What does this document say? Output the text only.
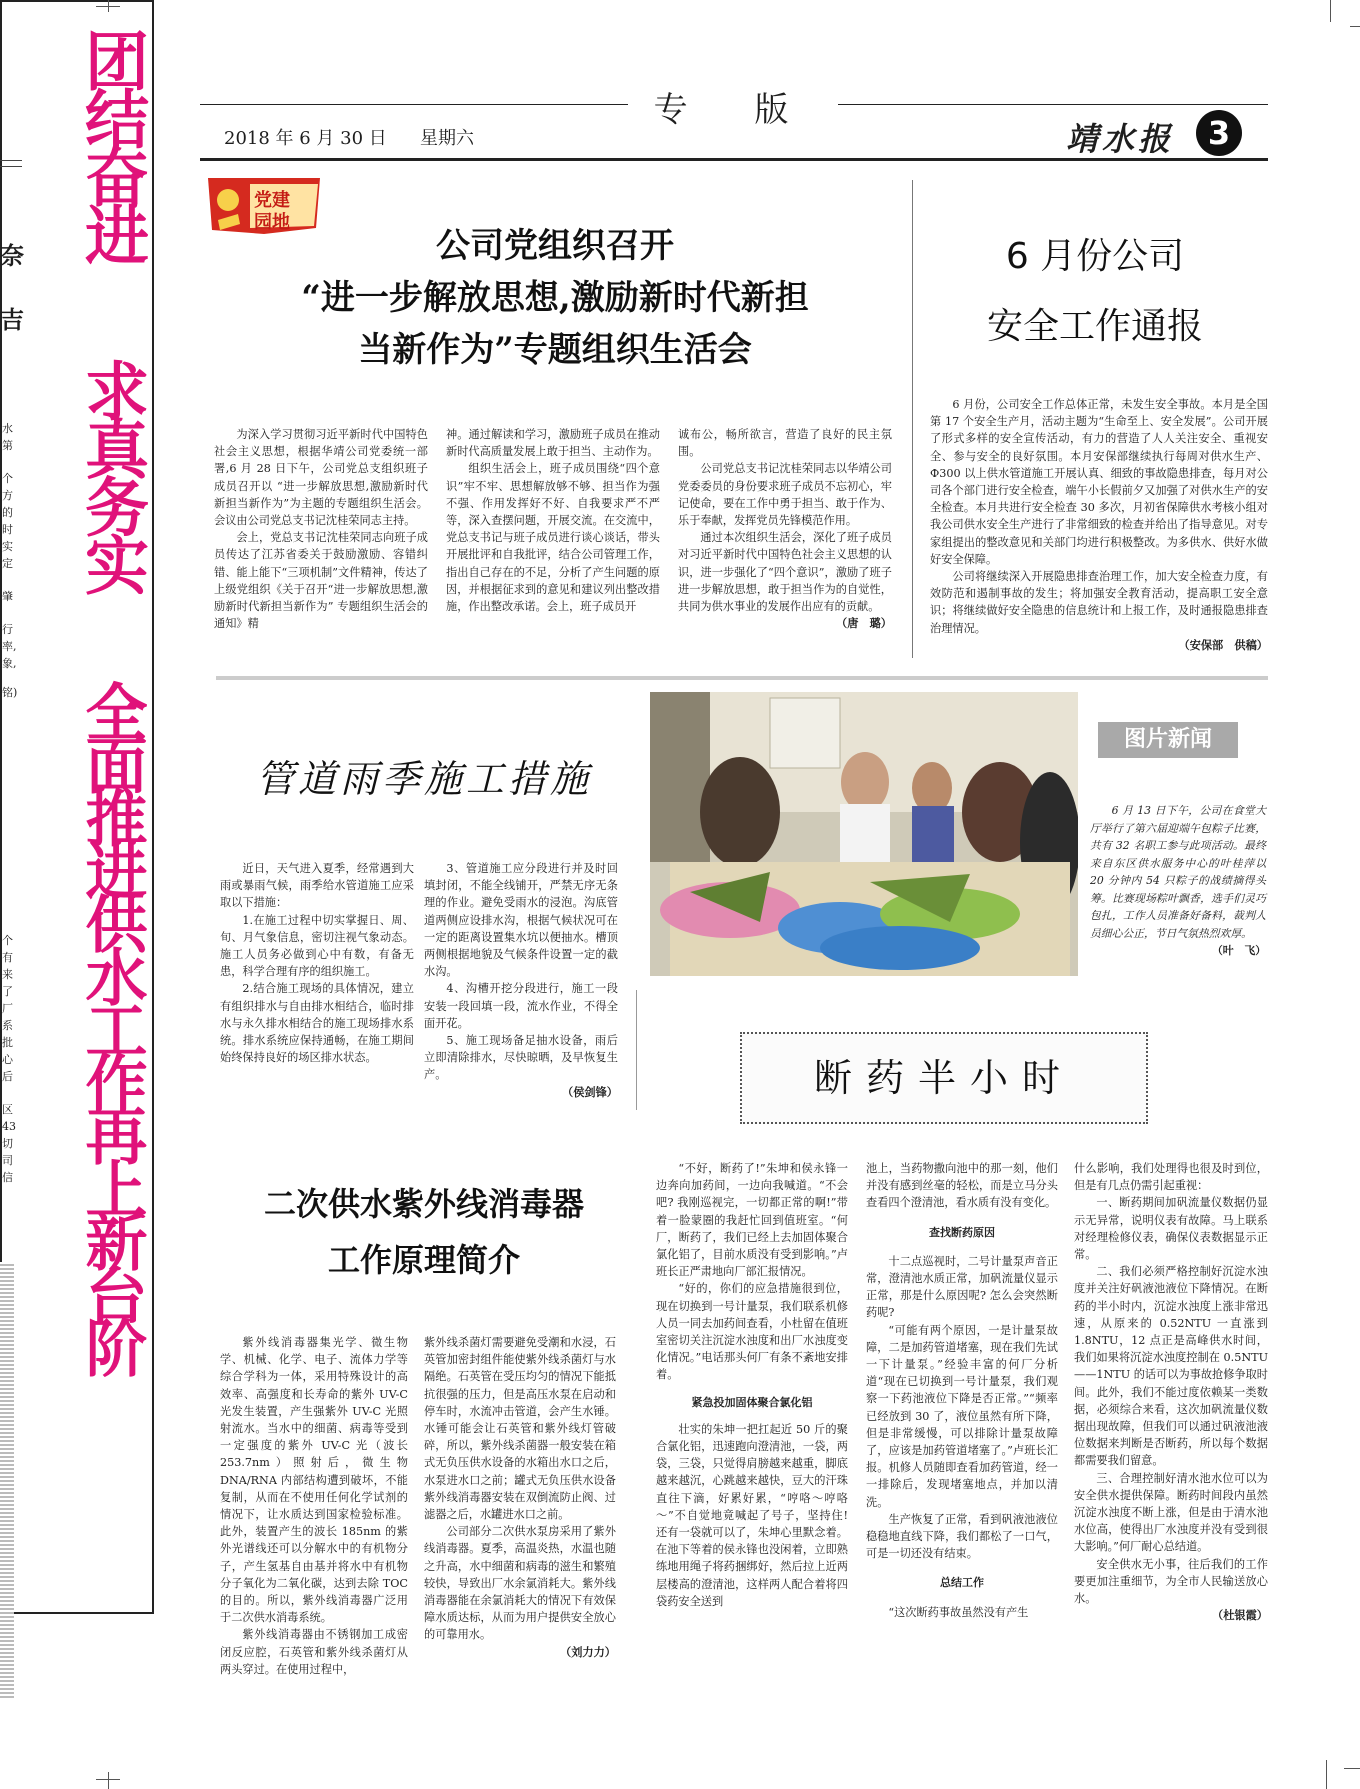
奈
吉
水
第
个
方
的
时
实
定
肇
行
率,
象,
铭)
个
有
来
了
厂
系
批
心
后
区
43
切
司
信
团结奋进
求真务实
全面推进供水工作再上新台阶
专 版
2018 年 6 月 30 日 星期六	靖水报	3
党建
园地
公司党组织召开
“进一步解放思想,激励新时代新担
当新作为”专题组织生活会

为深入学习贯彻习近平新时代中国特色社会主义思想，根据华靖公司党委统一部署,6 月 28 日下午，公司党总支组织班子成员召开以 “进一步解放思想,激励新时代新担当新作为”为主题的专题组织生活会。会议由公司党总支书记沈桂荣同志主持。

会上，党总支书记沈桂荣同志向班子成员传达了江苏省委关于鼓励激励、容错纠错、能上能下“三项机制”文件精神，传达了上级党组织《关于召开“进一步解放思想,激励新时代新担当新作为” 专题组织生活会的通知》精

神。通过解读和学习，激励班子成员在推动新时代高质量发展上敢于担当、主动作为。

组织生活会上，班子成员围绕“四个意识”牢不牢、思想解放够不够、担当作为强不强、作用发挥好不好、自我要求严不严等，深入查摆问题，开展交流。在交流中，党总支书记与班子成员进行谈心谈话，带头开展批评和自我批评，结合公司管理工作，指出自己存在的不足，分析了产生问题的原因，并根据征求到的意见和建议列出整改措施，作出整改承诺。会上，班子成员开

诚布公，畅所欲言，营造了良好的民主氛围。

公司党总支书记沈桂荣同志以华靖公司党委委员的身份要求班子成员不忘初心，牢记使命，要在工作中勇于担当、敢于作为、乐于奉献，发挥党员先锋模范作用。

通过本次组织生活会，深化了班子成员对习近平新时代中国特色社会主义思想的认识，进一步强化了“四个意识”，激励了班子进一步解放思想，敢于担当作为的自觉性，共同为供水事业的发展作出应有的贡献。

（唐　璐）
6 月份公司
安全工作通报

6 月份，公司安全工作总体正常，未发生安全事故。本月是全国第 17 个安全生产月，活动主题为“生命至上、安全发展”。公司开展了形式多样的安全宣传活动，有力的营造了人人关注安全、重视安全、参与安全的良好氛围。本月安保部继续执行每周对供水生产、Ф300 以上供水管道施工开展认真、细致的事故隐患排查，每月对公司各个部门进行安全检查，端午小长假前夕又加强了对供水生产的安全检查。本月共进行安全检查 30 多次，月初省保障供水考核小组对我公司供水安全生产进行了非常细致的检查并给出了指导意见。对专家组提出的整改意见和关部门均进行积极整改。为多供水、供好水做好安全保障。

公司将继续深入开展隐患排查治理工作，加大安全检查力度，有效防范和遏制事故的发生；将加强安全教育活动，提高职工安全意识；将继续做好安全隐患的信息统计和上报工作，及时通报隐患排查治理情况。

（安保部　供稿）
管道雨季施工措施

近日，天气进入夏季，经常遇到大雨或暴雨气候，雨季给水管道施工应采取以下措施：

1.在施工过程中切实掌握日、周、旬、月气象信息，密切注视气象动态。施工人员务必做到心中有数，有备无患，科学合理有序的组织施工。

2.结合施工现场的具体情况，建立有组织排水与自由排水相结合，临时排水与永久排水相结合的施工现场排水系统。排水系统应保持通畅，在施工期间始终保持良好的场区排水状态。

3、管道施工应分段进行并及时回填封闭，不能全线铺开，严禁无序无条理的作业。避免受雨水的浸泡。沟底管道两侧应设排水沟，根据气候状况可在一定的距离设置集水坑以便抽水。槽顶两侧根据地貌及气候条件设置一定的截水沟。

4、沟槽开挖分段进行，施工一段安装一段回填一段，流水作业，不得全面开花。

5、施工现场备足抽水设备，雨后立即清除排水，尽快晾晒，及早恢复生产。

（侯剑锋）
图片新闻

6 月 13 日下午，公司在食堂大厅举行了第六届迎端午包粽子比赛，共有 32 名职工参与此项活动。最终来自东区供水服务中心的叶桂萍以 20 分钟内 54 只粽子的战绩摘得头筹。比赛现场粽叶飘香，选手们灵巧包扎，工作人员准备好备料，裁判人员细心公正，节日气氛热烈欢厚。

（叶　飞）
断药半小时
二次供水紫外线消毒器
工作原理简介

紫外线消毒器集光学、微生物学、机械、化学、电子、流体力学等综合学科为一体，采用特殊设计的高效率、高强度和长寿命的紫外 UV-C 光发生装置，产生强紫外 UV-C 光照射流水。当水中的细菌、病毒等受到一定强度的紫外 UV-C 光（波长 253.7nm）照射后，微生物 DNA/RNA 内部结构遭到破坏，不能复制，从而在不使用任何化学试剂的情况下，让水质达到国家检验标准。此外，装置产生的波长 185nm 的紫外光谱线还可以分解水中的有机物分子，产生氢基自由基并将水中有机物分子氧化为二氧化碳，达到去除 TOC 的目的。所以，紫外线消毒器广泛用于二次供水消毒系统。

紫外线消毒器由不锈钢加工成密闭反应腔，石英管和紫外线杀菌灯从两头穿过。在使用过程中，

紫外线杀菌灯需要避免受潮和水浸，石英管加密封组件能使紫外线杀菌灯与水隔绝。石英管在受压均匀的情况下能抵抗很强的压力，但是高压水泵在启动和停车时，水流冲击管道，会产生水锤。水锤可能会让石英管和紫外线灯管破碎，所以，紫外线杀菌器一般安装在箱式无负压供水设备的水箱出水口之后，水泵进水口之前；罐式无负压供水设备紫外线消毒器安装在双倒流防止阀、过滤器之后，水罐进水口之前。

公司部分二次供水泵房采用了紫外线消毒器。夏季，高温炎热，水温也随之升高，水中细菌和病毒的滋生和繁殖较快，导致出厂水余氯消耗大。紫外线消毒器能在余氯消耗大的情况下有效保障水质达标，从而为用户提供安全放心的可靠用水。

（刘力力）

“不好，断药了!”朱坤和侯永锋一边奔向加药间，一边向我喊道。“不会吧? 我刚巡视完，一切都正常的啊!”带着一脸蒙圈的我赶忙回到值班室。“何厂，断药了，我们已经上去加固体聚合氯化铝了，目前水质没有受到影响。”卢班长正严肃地向厂部汇报情况。

“好的，你们的应急措施很到位，现在切换到一号计量泵，我们联系机修人员一同去加药间查看，小杜留在值班室密切关注沉淀水浊度和出厂水浊度变化情况。”电话那头何厂有条不紊地安排着。

紧急投加固体聚合氯化铝

壮实的朱坤一把扛起近 50 斤的聚合氯化铝，迅速跑向澄清池，一袋，两袋，三袋，只觉得肩膀越来越重，脚底越来越沉，心跳越来越快，豆大的汗珠直往下滴，好累好累，“哼咯～哼咯～”不自觉地竟喊起了号子，坚持住! 还有一袋就可以了，朱坤心里默念着。在池下等着的侯永锋也没闲着，立即熟练地用绳子将药捆绑好，然后拉上近两层楼高的澄清池，这样两人配合着将四袋药安全送到

池上，当药物撒向池中的那一刻，他们并没有感到丝毫的轻松，而是立马分头查看四个澄清池，看水质有没有变化。

查找断药原因

十二点巡视时，二号计量泵声音正常，澄清池水质正常，加矾流量仪显示正常，那是什么原因呢? 怎么会突然断药呢?

“可能有两个原因，一是计量泵故障，二是加药管道堵塞，现在我们先试一下计量泵。”经验丰富的何厂分析道“现在已切换到一号计量泵，我们观察一下药池液位下降是否正常。”“频率已经放到 30 了，液位虽然有所下降，但是非常缓慢，可以排除计量泵故障了，应该是加药管道堵塞了。”卢班长汇报。机修人员随即查看加药管道，经一一排除后，发现堵塞地点，并加以清洗。

生产恢复了正常，看到矾液池液位稳稳地直线下降，我们都松了一口气，可是一切还没有结束。

总结工作

“这次断药事故虽然没有产生

什么影响，我们处理得也很及时到位，但是有几点仍需引起重视：

一、断药期间加矾流量仪数据仍显示无异常，说明仪表有故障。马上联系对经理检修仪表，确保仪表数据显示正常。

二、我们必须严格控制好沉淀水浊度并关注好矾液池液位下降情况。在断药的半小时内，沉淀水浊度上涨非常迅速，从原来的 0.52NTU 一直涨到 1.8NTU，12 点正是高峰供水时间，我们如果将沉淀水浊度控制在 0.5NTU——1NTU 的话可以为事故抢修争取时间。此外，我们不能过度依赖某一类数据，必须综合来看，这次加矾流量仪数据出现故障，但我们可以通过矾液池液位数据来判断是否断药，所以每个数据都需要我们留意。

三、合理控制好清水池水位可以为安全供水提供保障。断药时间段内虽然沉淀水浊度不断上涨，但是由于清水池水位高，使得出厂水浊度并没有受到很大影响。”何厂耐心总结道。

安全供水无小事，往后我们的工作要更加注重细节，为全市人民输送放心水。

（杜银霞）
